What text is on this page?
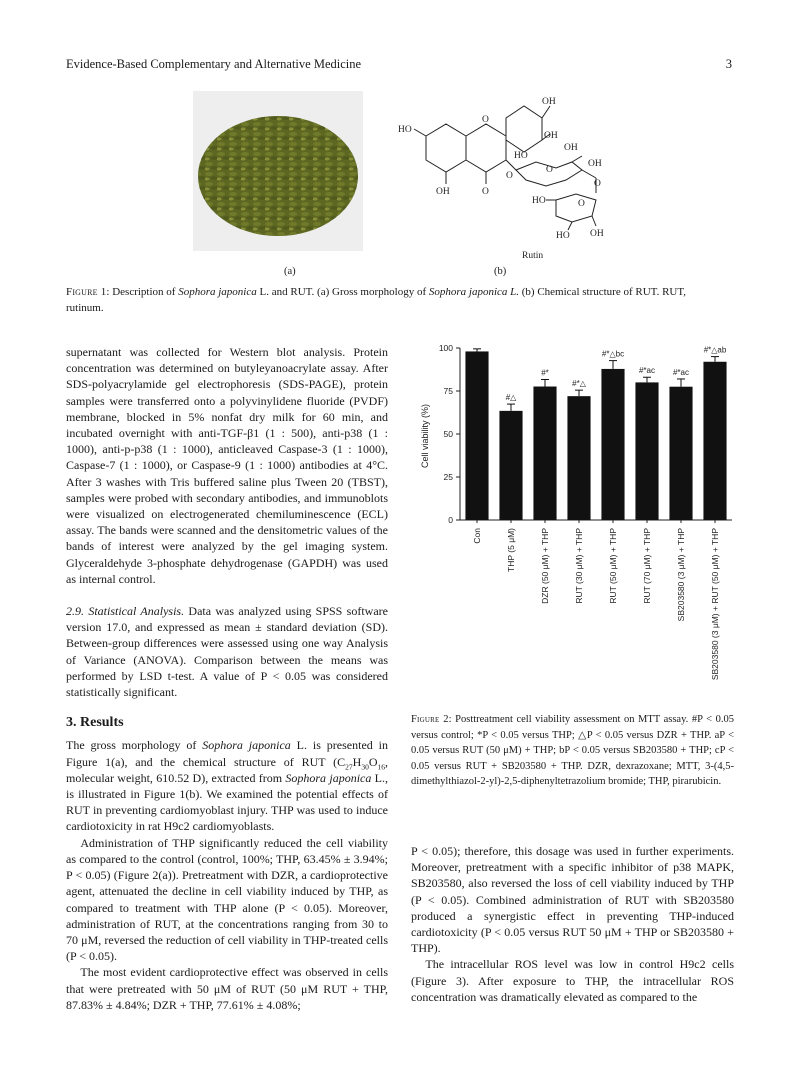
Evidence-Based Complementary and Alternative Medicine	3
(a)
OH
OH
HO
O
OH	O
O
OH
HO
OH
O
O
HO	O
HO OH
Rutin
(b)
Figure 1: Description of Sophora japonica L. and RUT. (a) Gross morphology of Sophora japonica L. (b) Chemical structure of RUT. RUT,
rutinum.

supernatant was collected for Western blot analysis. Protein concentration was determined on butyleyanoacrylate assay. After SDS-polyacrylamide gel electrophoresis (SDS-PAGE), protein samples were transferred onto a polyvinylidene fluoride (PVDF) membrane, blocked in 5% nonfat dry milk for 60 min, and incubated overnight with anti-TGF-β1 (1 : 500), anti-p38 (1 : 1000), anti-p-p38 (1 : 1000), anticleaved Caspase-3 (1 : 1000), Caspase-7 (1 : 1000), or Caspase-9 (1 : 1000) antibodies at 4°C. After 3 washes with Tris buffered saline plus Tween 20 (TBST), samples were probed with secondary antibodies, and immunoblots were visualized on electrogenerated chemiluminescence (ECL) assay. The bands were scanned and the densitometric values of the bands of interest were analyzed by the gel imaging system. Glyceraldehyde 3-phosphate dehydrogenase (GAPDH) was used as internal control.

2.9. Statistical Analysis. Data was analyzed using SPSS software version 17.0, and expressed as mean ± standard deviation (SD). Between-group differences were assessed using one way Analysis of Variance (ANOVA). Comparison between the means was performed by LSD t-test. A value of P < 0.05 was considered statistically significant.

3. Results

The gross morphology of Sophora japonica L. is presented in Figure 1(a), and the chemical structure of RUT ($C_{27}H_{30}O_{16}$, molecular weight, 610.52 D), extracted from Sophora japonica L., is illustrated in Figure 1(b). We examined the potential effects of RUT in preventing cardiomyoblast injury. THP was used to induce cardiotoxicity in rat H9c2 cardiomyoblasts.

Administration of THP significantly reduced the cell viability as compared to the control (control, 100%; THP, 63.45% ± 3.94%; P < 0.05) (Figure 2(a)). Pretreatment with DZR, a cardioprotective agent, attenuated the decline in cell viability induced by THP, as compared to treatment with THP alone (P < 0.05). Moreover, administration of RUT, at the concentrations ranging from 30 to 70 μM, reversed the reduction of cell viability in THP-treated cells (P < 0.05).

The most evident cardioprotective effect was observed in cells that were pretreated with 50 μM of RUT (50 μM RUT + THP, 87.83% ± 4.84%; DZR + THP, 77.61% ± 4.08%;

Cell viability (%)
0
25
50
75
100
Con	THP (5 μM)	DZR (50 μM) + THP	RUT (30 μM) + THP	RUT (50 μM) + THP	RUT (70 μM) + THP	SB203580 (3 μM) + THP	SB203580 (3 μM) + RUT (50 μM) + THP
#△
#*
#*△
#*△bc
#*ac #*ac
#*△ab
Figure 2: Posttreatment cell viability assessment on MTT assay. #P < 0.05 versus control; *P < 0.05 versus THP; △P < 0.05 versus DZR + THP. aP < 0.05 versus RUT (50 μM) + THP; bP < 0.05 versus SB203580 + THP; cP < 0.05 versus RUT + SB203580 + THP. DZR, dexrazoxane; MTT, 3-(4,5-dimethylthiazol-2-yl)-2,5-diphenyltetrazolium bromide; THP, pirarubicin.

P < 0.05); therefore, this dosage was used in further experiments. Moreover, pretreatment with a specific inhibitor of p38 MAPK, SB203580, also reversed the loss of cell viability induced by THP (P < 0.05). Combined administration of RUT with SB203580 produced a synergistic effect in preventing THP-induced cardiotoxicity (P < 0.05 versus RUT 50 μM + THP or SB203580 + THP).

The intracellular ROS level was low in control H9c2 cells (Figure 3). After exposure to THP, the intracellular ROS concentration was dramatically elevated as compared to the
